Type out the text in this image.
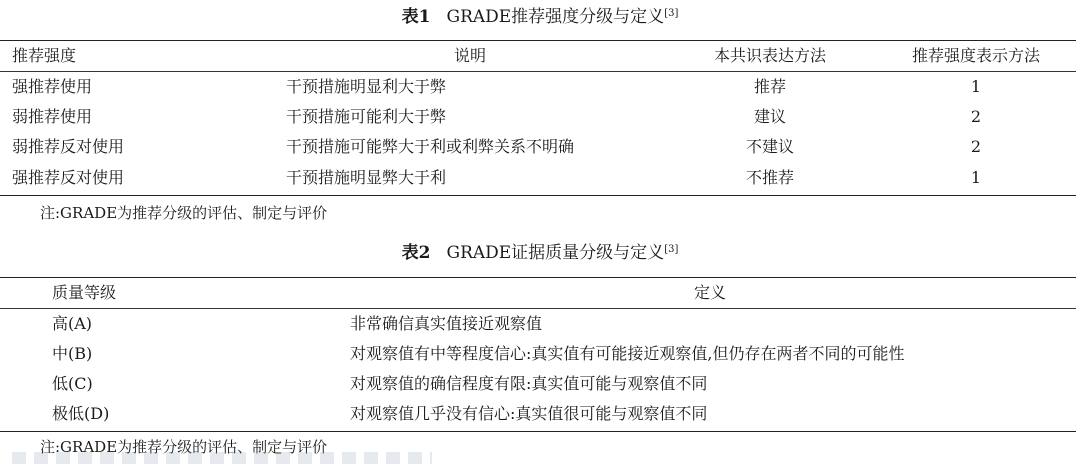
表1 GRADE推荐强度分级与定义[3]
推荐强度	说明	本共识表达方法	推荐强度表示方法
强推荐使用	干预措施明显利大于弊	推荐	1
弱推荐使用	干预措施可能利大于弊	建议	2
弱推荐反对使用	干预措施可能弊大于利或利弊关系不明确	不建议	2
强推荐反对使用	干预措施明显弊大于利	不推荐	1
注:GRADE为推荐分级的评估、制定与评价
表2 GRADE证据质量分级与定义[3]
质量等级	定义
高(A)	非常确信真实值接近观察值
中(B)	对观察值有中等程度信心:真实值有可能接近观察值,但仍存在两者不同的可能性
低(C)	对观察值的确信程度有限:真实值可能与观察值不同
极低(D)	对观察值几乎没有信心:真实值很可能与观察值不同
注:GRADE为推荐分级的评估、制定与评价
